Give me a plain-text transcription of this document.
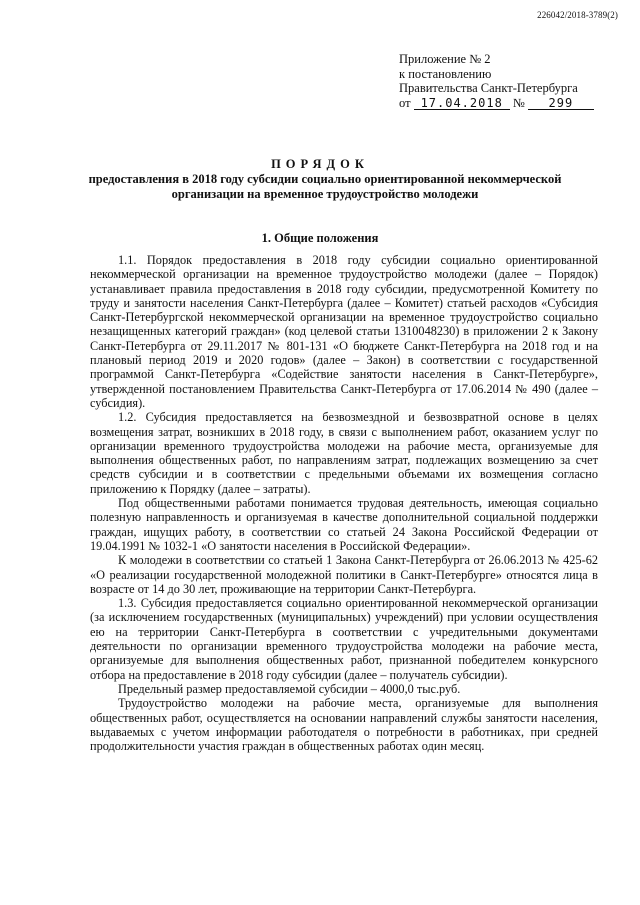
226042/2018-3789(2)
Приложение № 2
к постановлению
Правительства Санкт-Петербурга
от 17.04.2018 № 299
ПОРЯДОК
предоставления в 2018 году субсидии социально ориентированной некоммерческой организации на временное трудоустройство молодежи
1. Общие положения

1.1. Порядок предоставления в 2018 году субсидии социально ориентированной некоммерческой организации на временное трудоустройство молодежи (далее – Порядок) устанавливает правила предоставления в 2018 году субсидии, предусмотренной Комитету по труду и занятости населения Санкт-Петербурга (далее – Комитет) статьей расходов «Субсидия Санкт-Петербургской некоммерческой организации на временное трудоустройство социально незащищенных категорий граждан» (код целевой статьи 1310048230) в приложении 2 к Закону Санкт-Петербурга от 29.11.2017 № 801-131 «О бюджете Санкт-Петербурга на 2018 год и на плановый период 2019 и 2020 годов» (далее – Закон) в соответствии с государственной программой Санкт-Петербурга «Содействие занятости населения в Санкт-Петербурге», утвержденной постановлением Правительства Санкт-Петербурга от 17.06.2014 № 490 (далее – субсидия).

1.2. Субсидия предоставляется на безвозмездной и безвозвратной основе в целях возмещения затрат, возникших в 2018 году, в связи с выполнением работ, оказанием услуг по организации временного трудоустройства молодежи на рабочие места, организуемые для выполнения общественных работ, по направлениям затрат, подлежащих возмещению за счет средств субсидии и в соответствии с предельными объемами их возмещения согласно приложению к Порядку (далее – затраты).

Под общественными работами понимается трудовая деятельность, имеющая социально полезную направленность и организуемая в качестве дополнительной социальной поддержки граждан, ищущих работу, в соответствии со статьей 24 Закона Российской Федерации от 19.04.1991 № 1032-1 «О занятости населения в Российской Федерации».

К молодежи в соответствии со статьей 1 Закона Санкт-Петербурга от 26.06.2013 № 425-62 «О реализации государственной молодежной политики в Санкт-Петербурге» относятся лица в возрасте от 14 до 30 лет, проживающие на территории Санкт-Петербурга.

1.3. Субсидия предоставляется социально ориентированной некоммерческой организации (за исключением государственных (муниципальных) учреждений) при условии осуществления ею на территории Санкт-Петербурга в соответствии с учредительными документами деятельности по организации временного трудоустройства молодежи на рабочие места, организуемые для выполнения общественных работ, признанной победителем конкурсного отбора на предоставление в 2018 году субсидии (далее – получатель субсидии).

Предельный размер предоставляемой субсидии – 4000,0 тыс.руб.

Трудоустройство молодежи на рабочие места, организуемые для выполнения общественных работ, осуществляется на основании направлений службы занятости населения, выдаваемых с учетом информации работодателя о потребности в работниках, при средней продолжительности участия граждан в общественных работах один месяц.
